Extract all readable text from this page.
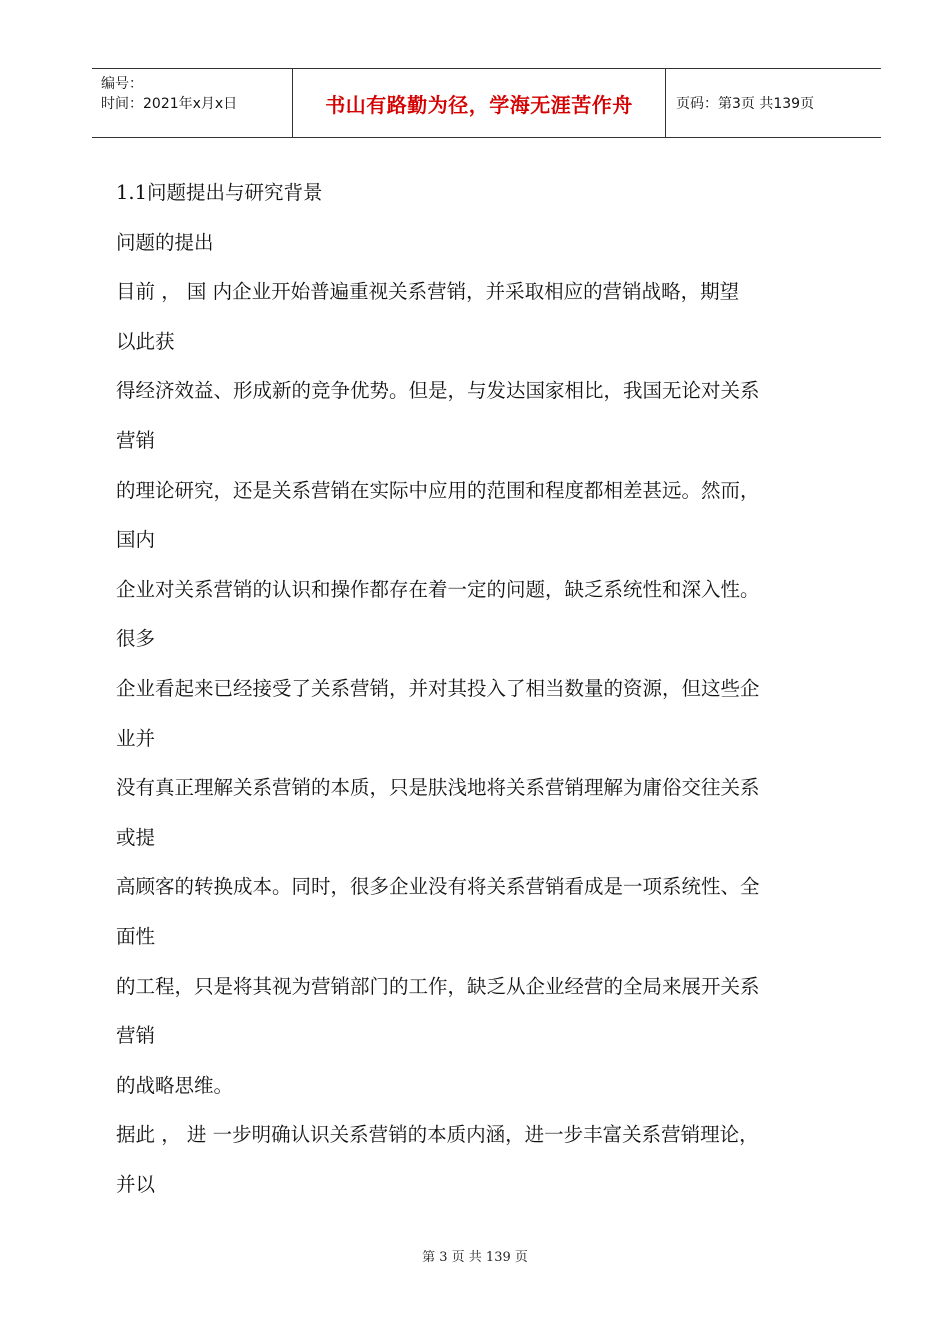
编号：
时间：2021年x月x日	书山有路勤为径，学海无涯苦作舟	页码：第3页 共139页
1.1问题提出与研究背景
问题的提出
目前 ， 国 内企业开始普遍重视关系营销，并采取相应的营销战略，期望
以此获
得经济效益、形成新的竞争优势。但是，与发达国家相比，我国无论对关系
营销
的理论研究，还是关系营销在实际中应用的范围和程度都相差甚远。然而，
国内
企业对关系营销的认识和操作都存在着一定的问题，缺乏系统性和深入性。
很多
企业看起来已经接受了关系营销，并对其投入了相当数量的资源，但这些企
业并
没有真正理解关系营销的本质，只是肤浅地将关系营销理解为庸俗交往关系
或提
高顾客的转换成本。同时，很多企业没有将关系营销看成是一项系统性、全
面性
的工程，只是将其视为营销部门的工作，缺乏从企业经营的全局来展开关系
营销
的战略思维。
据此 ， 进 一步明确认识关系营销的本质内涵，进一步丰富关系营销理论，
并以
第 3 页 共 139 页
